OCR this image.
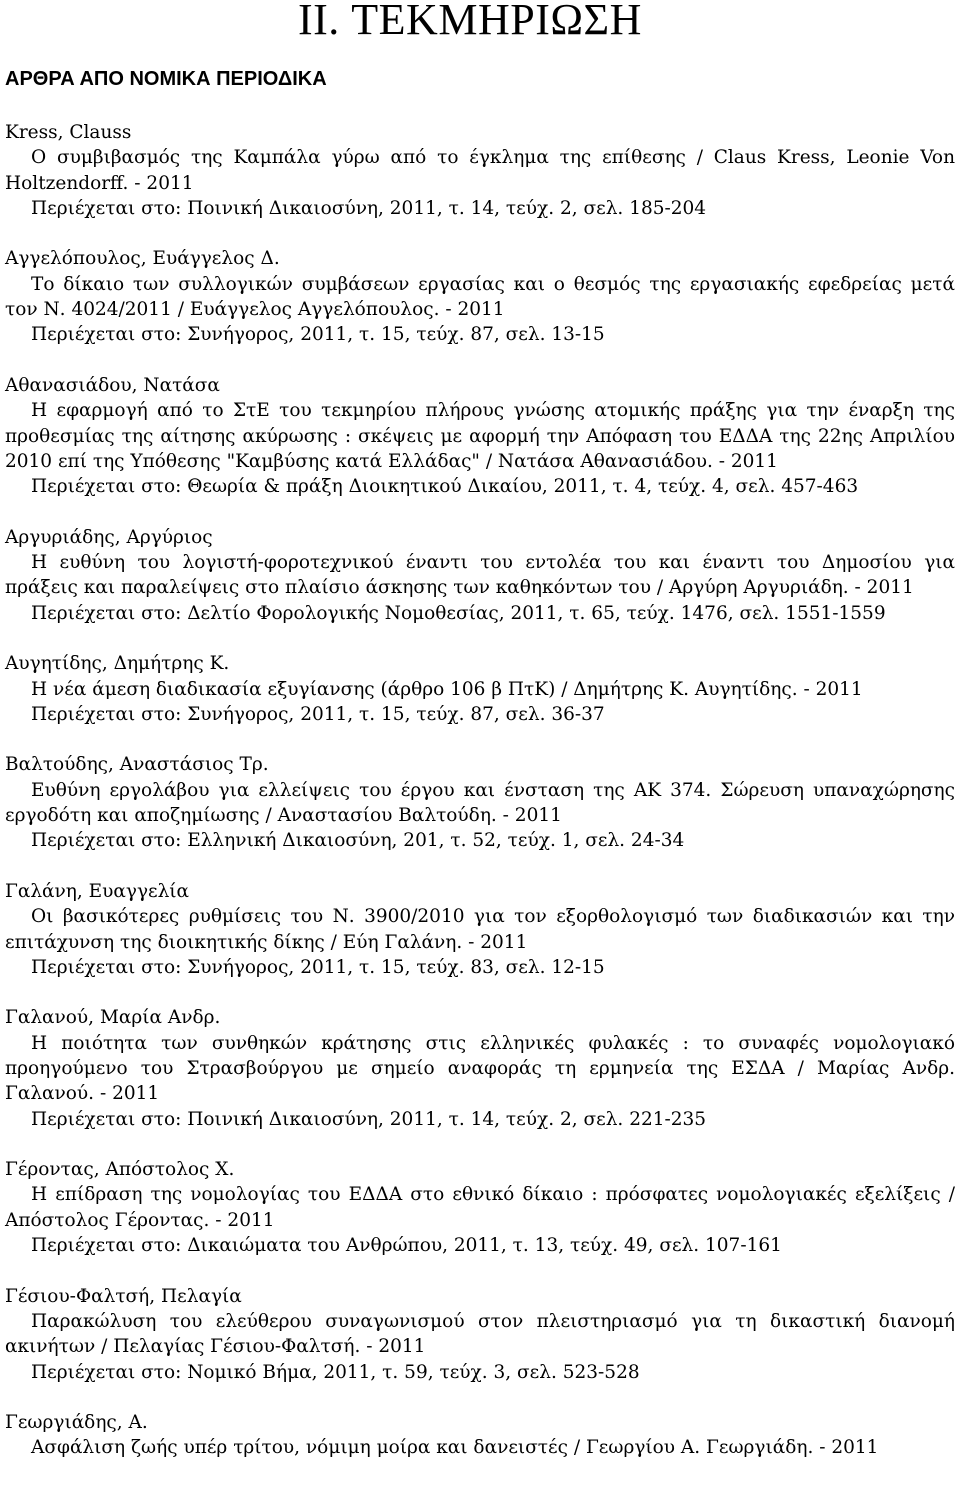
II. ΤΕΚΜΗΡΙΩΣΗ
ΑΡΘΡΑ ΑΠΟ ΝΟΜΙΚΑ ΠΕΡΙΟΔΙΚΑ
Kress, Clauss
Ο συμβιβασμός της Καμπάλα γύρω από το έγκλημα της επίθεσης / Claus Kress, Leonie Von Holtzendorff. - 2011
Περιέχεται στο: Ποινική Δικαιοσύνη, 2011, τ. 14, τεύχ. 2, σελ. 185-204
Αγγελόπουλος, Ευάγγελος Δ.
Το δίκαιο των συλλογικών συμβάσεων εργασίας και ο θεσμός της εργασιακής εφεδρείας μετά τον Ν. 4024/2011 / Ευάγγελος Αγγελόπουλος. - 2011
Περιέχεται στο: Συνήγορος, 2011, τ. 15, τεύχ. 87, σελ. 13-15
Αθανασιάδου, Νατάσα
Η εφαρμογή από το ΣτΕ του τεκμηρίου πλήρους γνώσης ατομικής πράξης για την έναρξη της προθεσμίας της αίτησης ακύρωσης : σκέψεις με αφορμή την Απόφαση του ΕΔΔΑ της 22ης Απριλίου 2010 επί της Υπόθεσης "Καμβύσης κατά Ελλάδας" / Νατάσα Αθανασιάδου. - 2011
Περιέχεται στο: Θεωρία & πράξη Διοικητικού Δικαίου, 2011, τ. 4, τεύχ. 4, σελ. 457-463
Αργυριάδης, Αργύριος
Η ευθύνη του λογιστή-φοροτεχνικού έναντι του εντολέα του και έναντι του Δημοσίου για πράξεις και παραλείψεις στο πλαίσιο άσκησης των καθηκόντων του / Αργύρη Αργυριάδη. - 2011
Περιέχεται στο: Δελτίο Φορολογικής Νομοθεσίας, 2011, τ. 65, τεύχ. 1476, σελ. 1551-1559
Αυγητίδης, Δημήτρης Κ.
Η νέα άμεση διαδικασία εξυγίανσης (άρθρο 106 β ΠτΚ) / Δημήτρης Κ. Αυγητίδης. - 2011
Περιέχεται στο: Συνήγορος, 2011, τ. 15, τεύχ. 87, σελ. 36-37
Βαλτούδης, Αναστάσιος Τρ.
Ευθύνη εργολάβου για ελλείψεις του έργου και ένσταση της ΑΚ 374. Σώρευση υπαναχώρησης εργοδότη και αποζημίωσης / Αναστασίου Βαλτούδη. - 2011
Περιέχεται στο: Ελληνική Δικαιοσύνη, 201, τ. 52, τεύχ. 1, σελ. 24-34
Γαλάνη, Ευαγγελία
Οι βασικότερες ρυθμίσεις του Ν. 3900/2010 για τον εξορθολογισμό των διαδικασιών και την επιτάχυνση της διοικητικής δίκης / Εύη Γαλάνη. - 2011
Περιέχεται στο: Συνήγορος, 2011, τ. 15, τεύχ. 83, σελ. 12-15
Γαλανού, Μαρία Ανδρ.
Η ποιότητα των συνθηκών κράτησης στις ελληνικές φυλακές : το συναφές νομολογιακό προηγούμενο του Στρασβούργου με σημείο αναφοράς τη ερμηνεία της ΕΣΔΑ / Μαρίας Ανδρ. Γαλανού. - 2011
Περιέχεται στο: Ποινική Δικαιοσύνη, 2011, τ. 14, τεύχ. 2, σελ. 221-235
Γέροντας, Απόστολος Χ.
Η επίδραση της νομολογίας του ΕΔΔΑ στο εθνικό δίκαιο : πρόσφατες νομολογιακές εξελίξεις / Απόστολος Γέροντας. - 2011
Περιέχεται στο: Δικαιώματα του Ανθρώπου, 2011, τ. 13, τεύχ. 49, σελ. 107-161
Γέσιου-Φαλτσή, Πελαγία
Παρακώλυση του ελεύθερου συναγωνισμού στον πλειστηριασμό για τη δικαστική διανομή ακινήτων / Πελαγίας Γέσιου-Φαλτσή. - 2011
Περιέχεται στο: Νομικό Βήμα, 2011, τ. 59, τεύχ. 3, σελ. 523-528
Γεωργιάδης, Α.
Ασφάλιση ζωής υπέρ τρίτου, νόμιμη μοίρα και δανειστές / Γεωργίου Α. Γεωργιάδη. - 2011
